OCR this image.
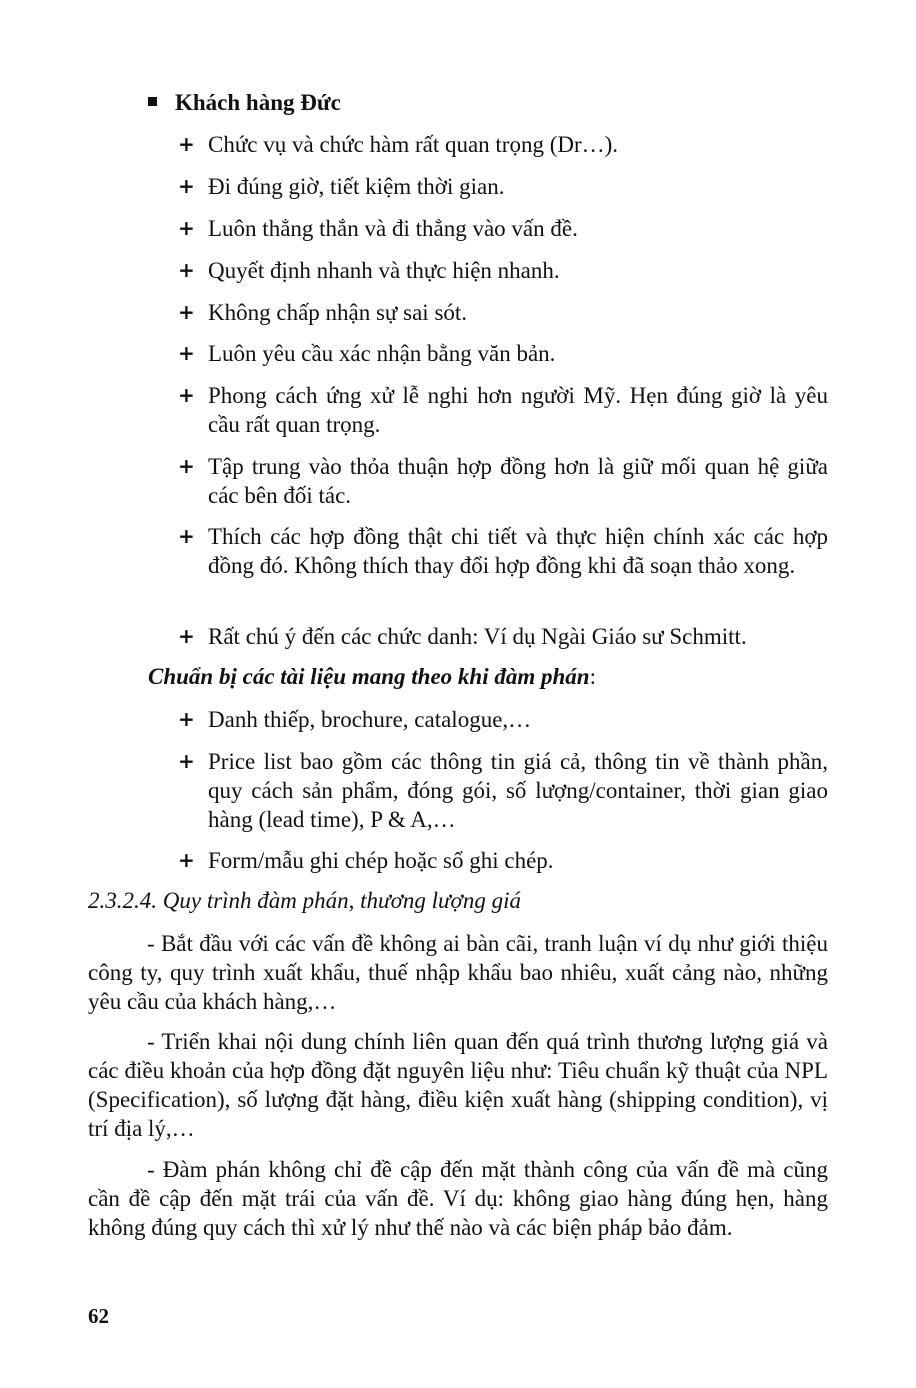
Khách hàng Đức
+ Chức vụ và chức hàm rất quan trọng (Dr…).
+ Đi đúng giờ, tiết kiệm thời gian.
+ Luôn thẳng thắn và đi thẳng vào vấn đề.
+ Quyết định nhanh và thực hiện nhanh.
+ Không chấp nhận sự sai sót.
+ Luôn yêu cầu xác nhận bằng văn bản.
+ Phong cách ứng xử lễ nghi hơn người Mỹ. Hẹn đúng giờ là yêu cầu rất quan trọng.
+ Tập trung vào thỏa thuận hợp đồng hơn là giữ mối quan hệ giữa các bên đối tác.
+ Thích các hợp đồng thật chi tiết và thực hiện chính xác các hợp đồng đó. Không thích thay đổi hợp đồng khi đã soạn thảo xong.
+ Rất chú ý đến các chức danh: Ví dụ Ngài Giáo sư Schmitt.
Chuẩn bị các tài liệu mang theo khi đàm phán:
+ Danh thiếp, brochure, catalogue,…
+ Price list bao gồm các thông tin giá cả, thông tin về thành phần, quy cách sản phẩm, đóng gói, số lượng/container, thời gian giao hàng (lead time), P & A,…
+ Form/mẫu ghi chép hoặc sổ ghi chép.
2.3.2.4. Quy trình đàm phán, thương lượng giá
- Bắt đầu với các vấn đề không ai bàn cãi, tranh luận ví dụ như giới thiệu công ty, quy trình xuất khẩu, thuế nhập khẩu bao nhiêu, xuất cảng nào, những yêu cầu của khách hàng,…
- Triển khai nội dung chính liên quan đến quá trình thương lượng giá và các điều khoản của hợp đồng đặt nguyên liệu như: Tiêu chuẩn kỹ thuật của NPL (Specification), số lượng đặt hàng, điều kiện xuất hàng (shipping condition), vị trí địa lý,…
- Đàm phán không chỉ đề cập đến mặt thành công của vấn đề mà cũng cần đề cập đến mặt trái của vấn đề. Ví dụ: không giao hàng đúng hẹn, hàng không đúng quy cách thì xử lý như thế nào và các biện pháp bảo đảm.
62
